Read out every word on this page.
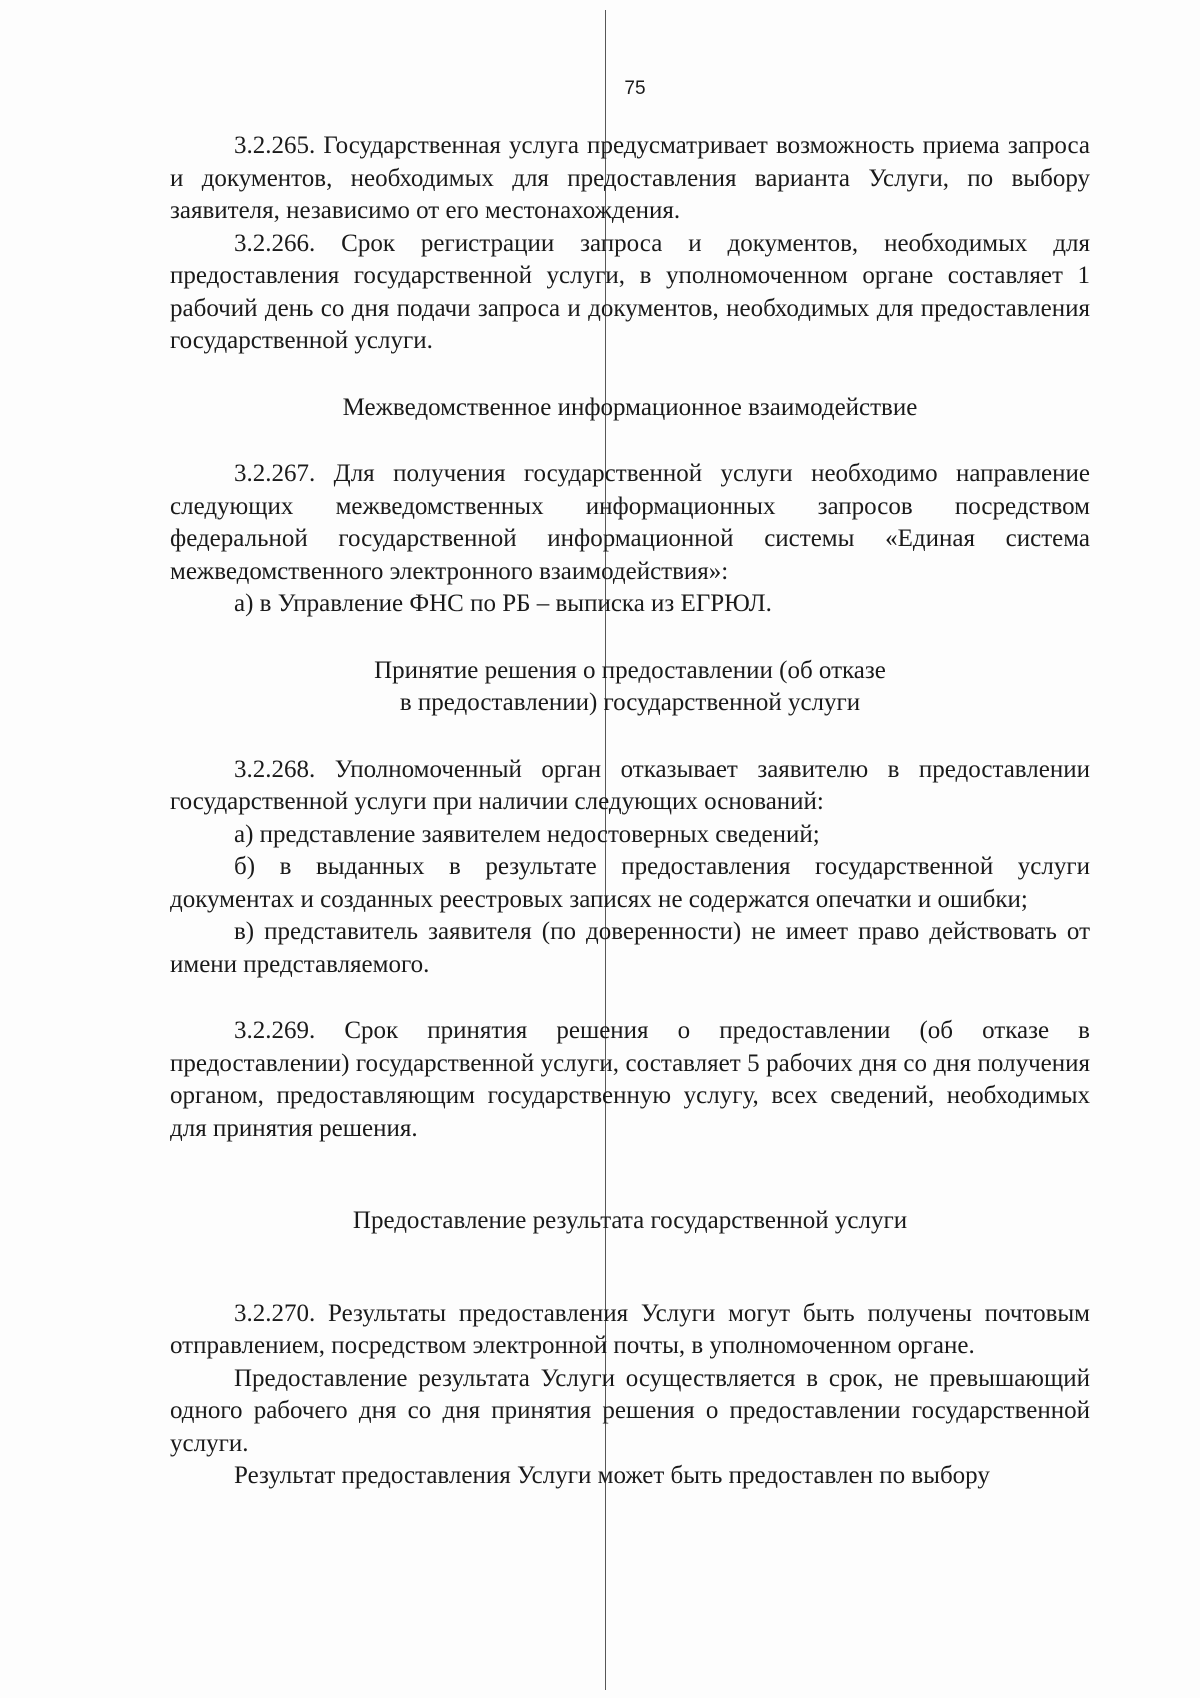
75

3.2.265. Государственная услуга предусматривает возможность приема запроса и документов, необходимых для предоставления варианта Услуги, по выбору заявителя, независимо от его местонахождения.

3.2.266. Срок регистрации запроса и документов, необходимых для предоставления государственной услуги, в уполномоченном органе составляет 1 рабочий день со дня подачи запроса и документов, необходимых для предоставления государственной услуги.

Межведомственное информационное взаимодействие

3.2.267. Для получения государственной услуги необходимо направление следующих межведомственных информационных запросов посредством федеральной государственной информационной системы «Единая система межведомственного электронного взаимодействия»:

а) в Управление ФНС по РБ – выписка из ЕГРЮЛ.

Принятие решения о предоставлении (об отказе
в предоставлении) государственной услуги

3.2.268. Уполномоченный орган отказывает заявителю в предоставлении государственной услуги при наличии следующих оснований:

а) представление заявителем недостоверных сведений;

б) в выданных в результате предоставления государственной услуги документах и созданных реестровых записях не содержатся опечатки и ошибки;

в) представитель заявителя (по доверенности) не имеет право действовать от имени представляемого.

3.2.269. Срок принятия решения о предоставлении (об отказе в предоставлении) государственной услуги, составляет 5 рабочих дня со дня получения органом, предоставляющим государственную услугу, всех сведений, необходимых для принятия решения.

Предоставление результата государственной услуги

3.2.270. Результаты предоставления Услуги могут быть получены почтовым отправлением, посредством электронной почты, в уполномоченном органе.

Предоставление результата Услуги осуществляется в срок, не превышающий одного рабочего дня со дня принятия решения о предоставлении государственной услуги.

Результат предоставления Услуги может быть предоставлен по выбору
